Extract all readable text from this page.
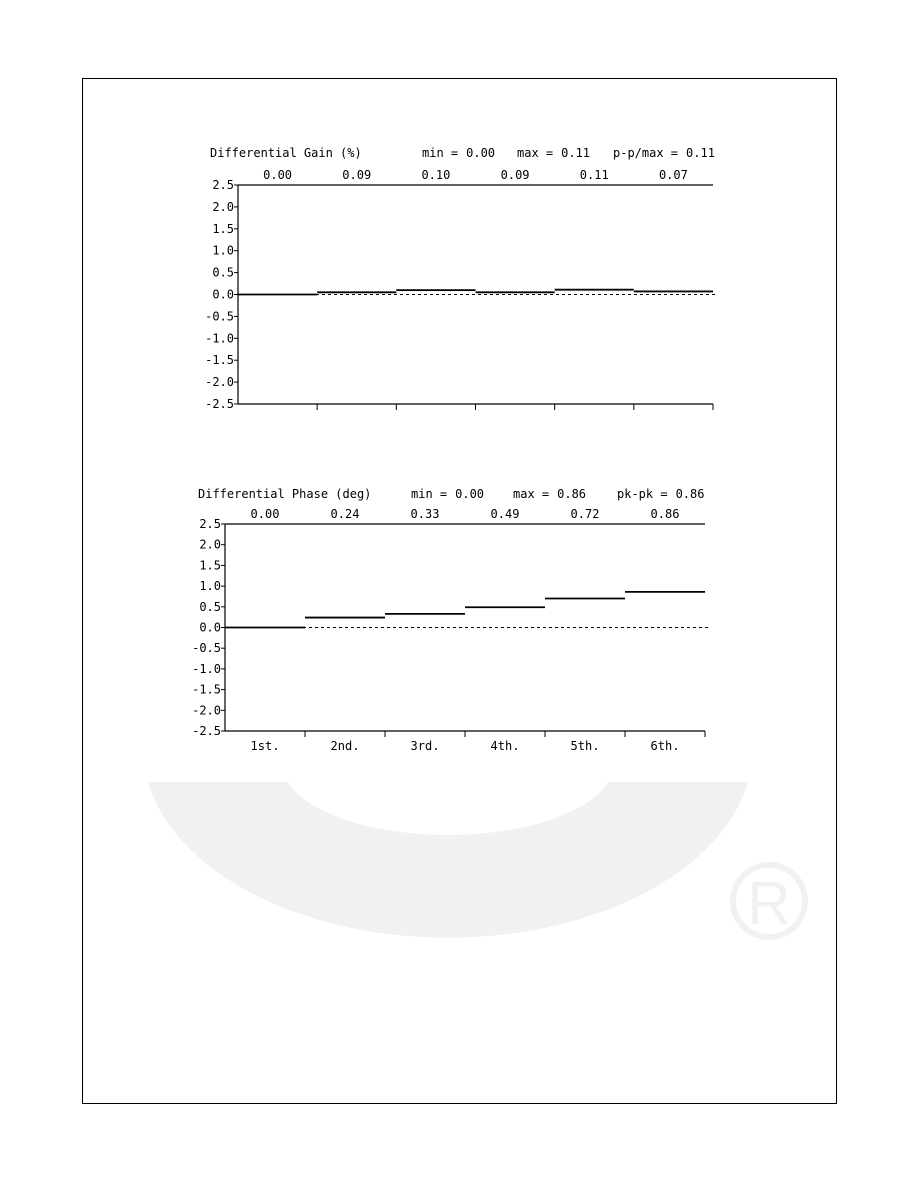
R
Differential Gain (%)	min = 0.00 max = 0.11 p-p/max = 0.11
0.00	0.09	0.10	0.09	0.11	0.07
2.5
2.0
1.5
1.0
0.5
0.0
-0.5
-1.0
-1.5
-2.0
-2.5
Differential Phase (deg)	min = 0.00 max = 0.86	pk-pk = 0.86
0.00	0.24	0.33	0.49	0.72	0.86
2.5
2.0
1.5
1.0
0.5
0.0
-0.5
-1.0
-1.5
-2.0
-2.5
1st.	2nd.	3rd.	4th.	5th.	6th.
